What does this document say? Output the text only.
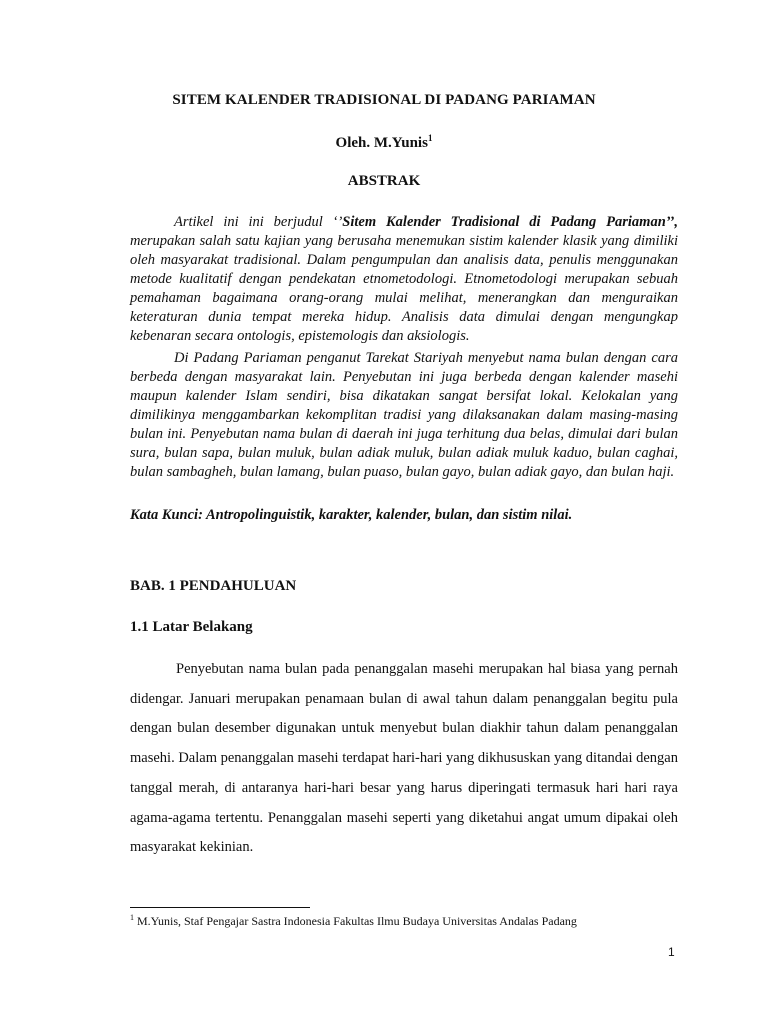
SITEM KALENDER TRADISIONAL DI PADANG PARIAMAN
Oleh. M.Yunis$^1$
ABSTRAK

Artikel ini ini berjudul ‘’Sitem Kalender Tradisional di Padang Pariaman’’, merupakan salah satu kajian yang berusaha menemukan sistim kalender klasik yang dimiliki oleh masyarakat tradisional. Dalam pengumpulan dan analisis data, penulis menggunakan metode kualitatif dengan pendekatan etnometodologi. Etnometodologi merupakan sebuah pemahaman bagaimana orang-orang mulai melihat, menerangkan dan menguraikan keteraturan dunia tempat mereka hidup. Analisis data dimulai dengan mengungkap kebenaran secara ontologis, epistemologis dan aksiologis.

Di Padang Pariaman penganut Tarekat Stariyah menyebut nama bulan dengan cara berbeda dengan masyarakat lain. Penyebutan ini juga berbeda dengan kalender masehi maupun kalender Islam sendiri, bisa dikatakan sangat bersifat lokal. Kelokalan yang dimilikinya menggambarkan kekomplitan tradisi yang dilaksanakan dalam masing-masing bulan ini. Penyebutan nama bulan di daerah ini juga terhitung dua belas, dimulai dari bulan sura, bulan sapa, bulan muluk, bulan adiak muluk, bulan adiak muluk kaduo, bulan caghai, bulan sambagheh, bulan lamang, bulan puaso, bulan gayo, bulan adiak gayo, dan bulan haji.

Kata Kunci: Antropolinguistik, karakter, kalender, bulan, dan sistim nilai.
BAB. 1 PENDAHULUAN
1.1 Latar Belakang

Penyebutan nama bulan pada penanggalan masehi merupakan hal biasa yang pernah didengar. Januari merupakan penamaan bulan di awal tahun dalam penanggalan begitu pula dengan bulan desember digunakan untuk menyebut bulan diakhir tahun dalam penanggalan masehi. Dalam penanggalan masehi terdapat hari-hari yang dikhususkan yang ditandai dengan tanggal merah, di antaranya hari-hari besar yang harus diperingati termasuk hari hari raya agama-agama tertentu. Penanggalan masehi seperti yang diketahui angat umum dipakai oleh masyarakat kekinian.

$^1$ M.Yunis, Staf Pengajar Sastra Indonesia Fakultas Ilmu Budaya Universitas Andalas Padang
1
